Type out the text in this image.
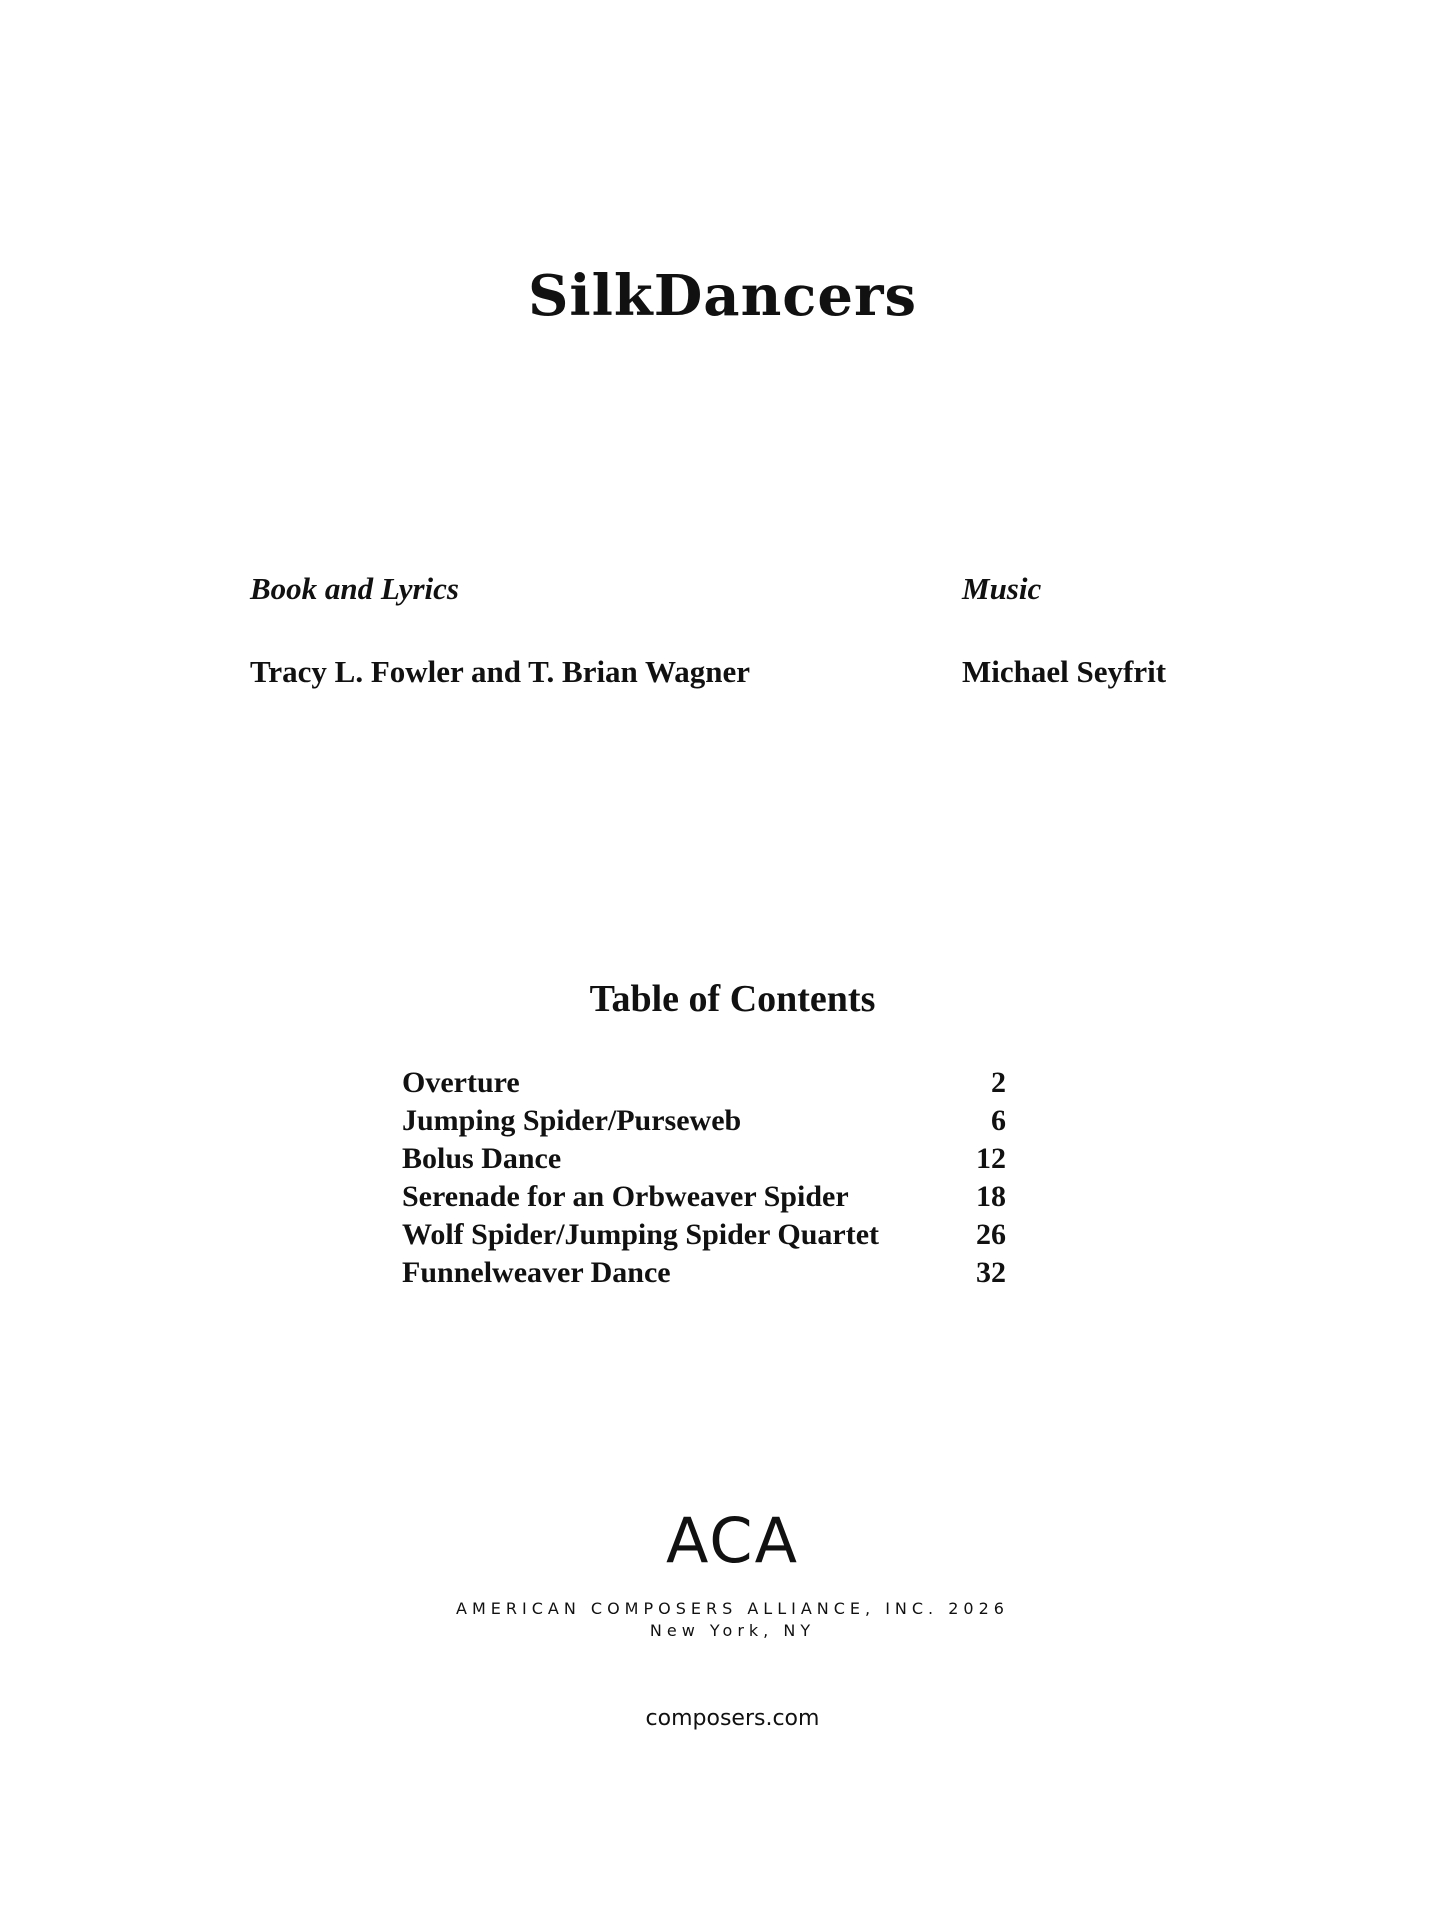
SilkDancers
Book and Lyrics
Tracy L. Fowler and T. Brian Wagner
Music
Michael Seyfrit
Table of Contents
Overture	2
Jumping Spider/Purseweb	6
Bolus Dance	12
Serenade for an Orbweaver Spider	18
Wolf Spider/Jumping Spider Quartet	26
Funnelweaver Dance	32
ACA
AMERICAN COMPOSERS ALLIANCE, INC. 2026
New York, NY
composers.com
